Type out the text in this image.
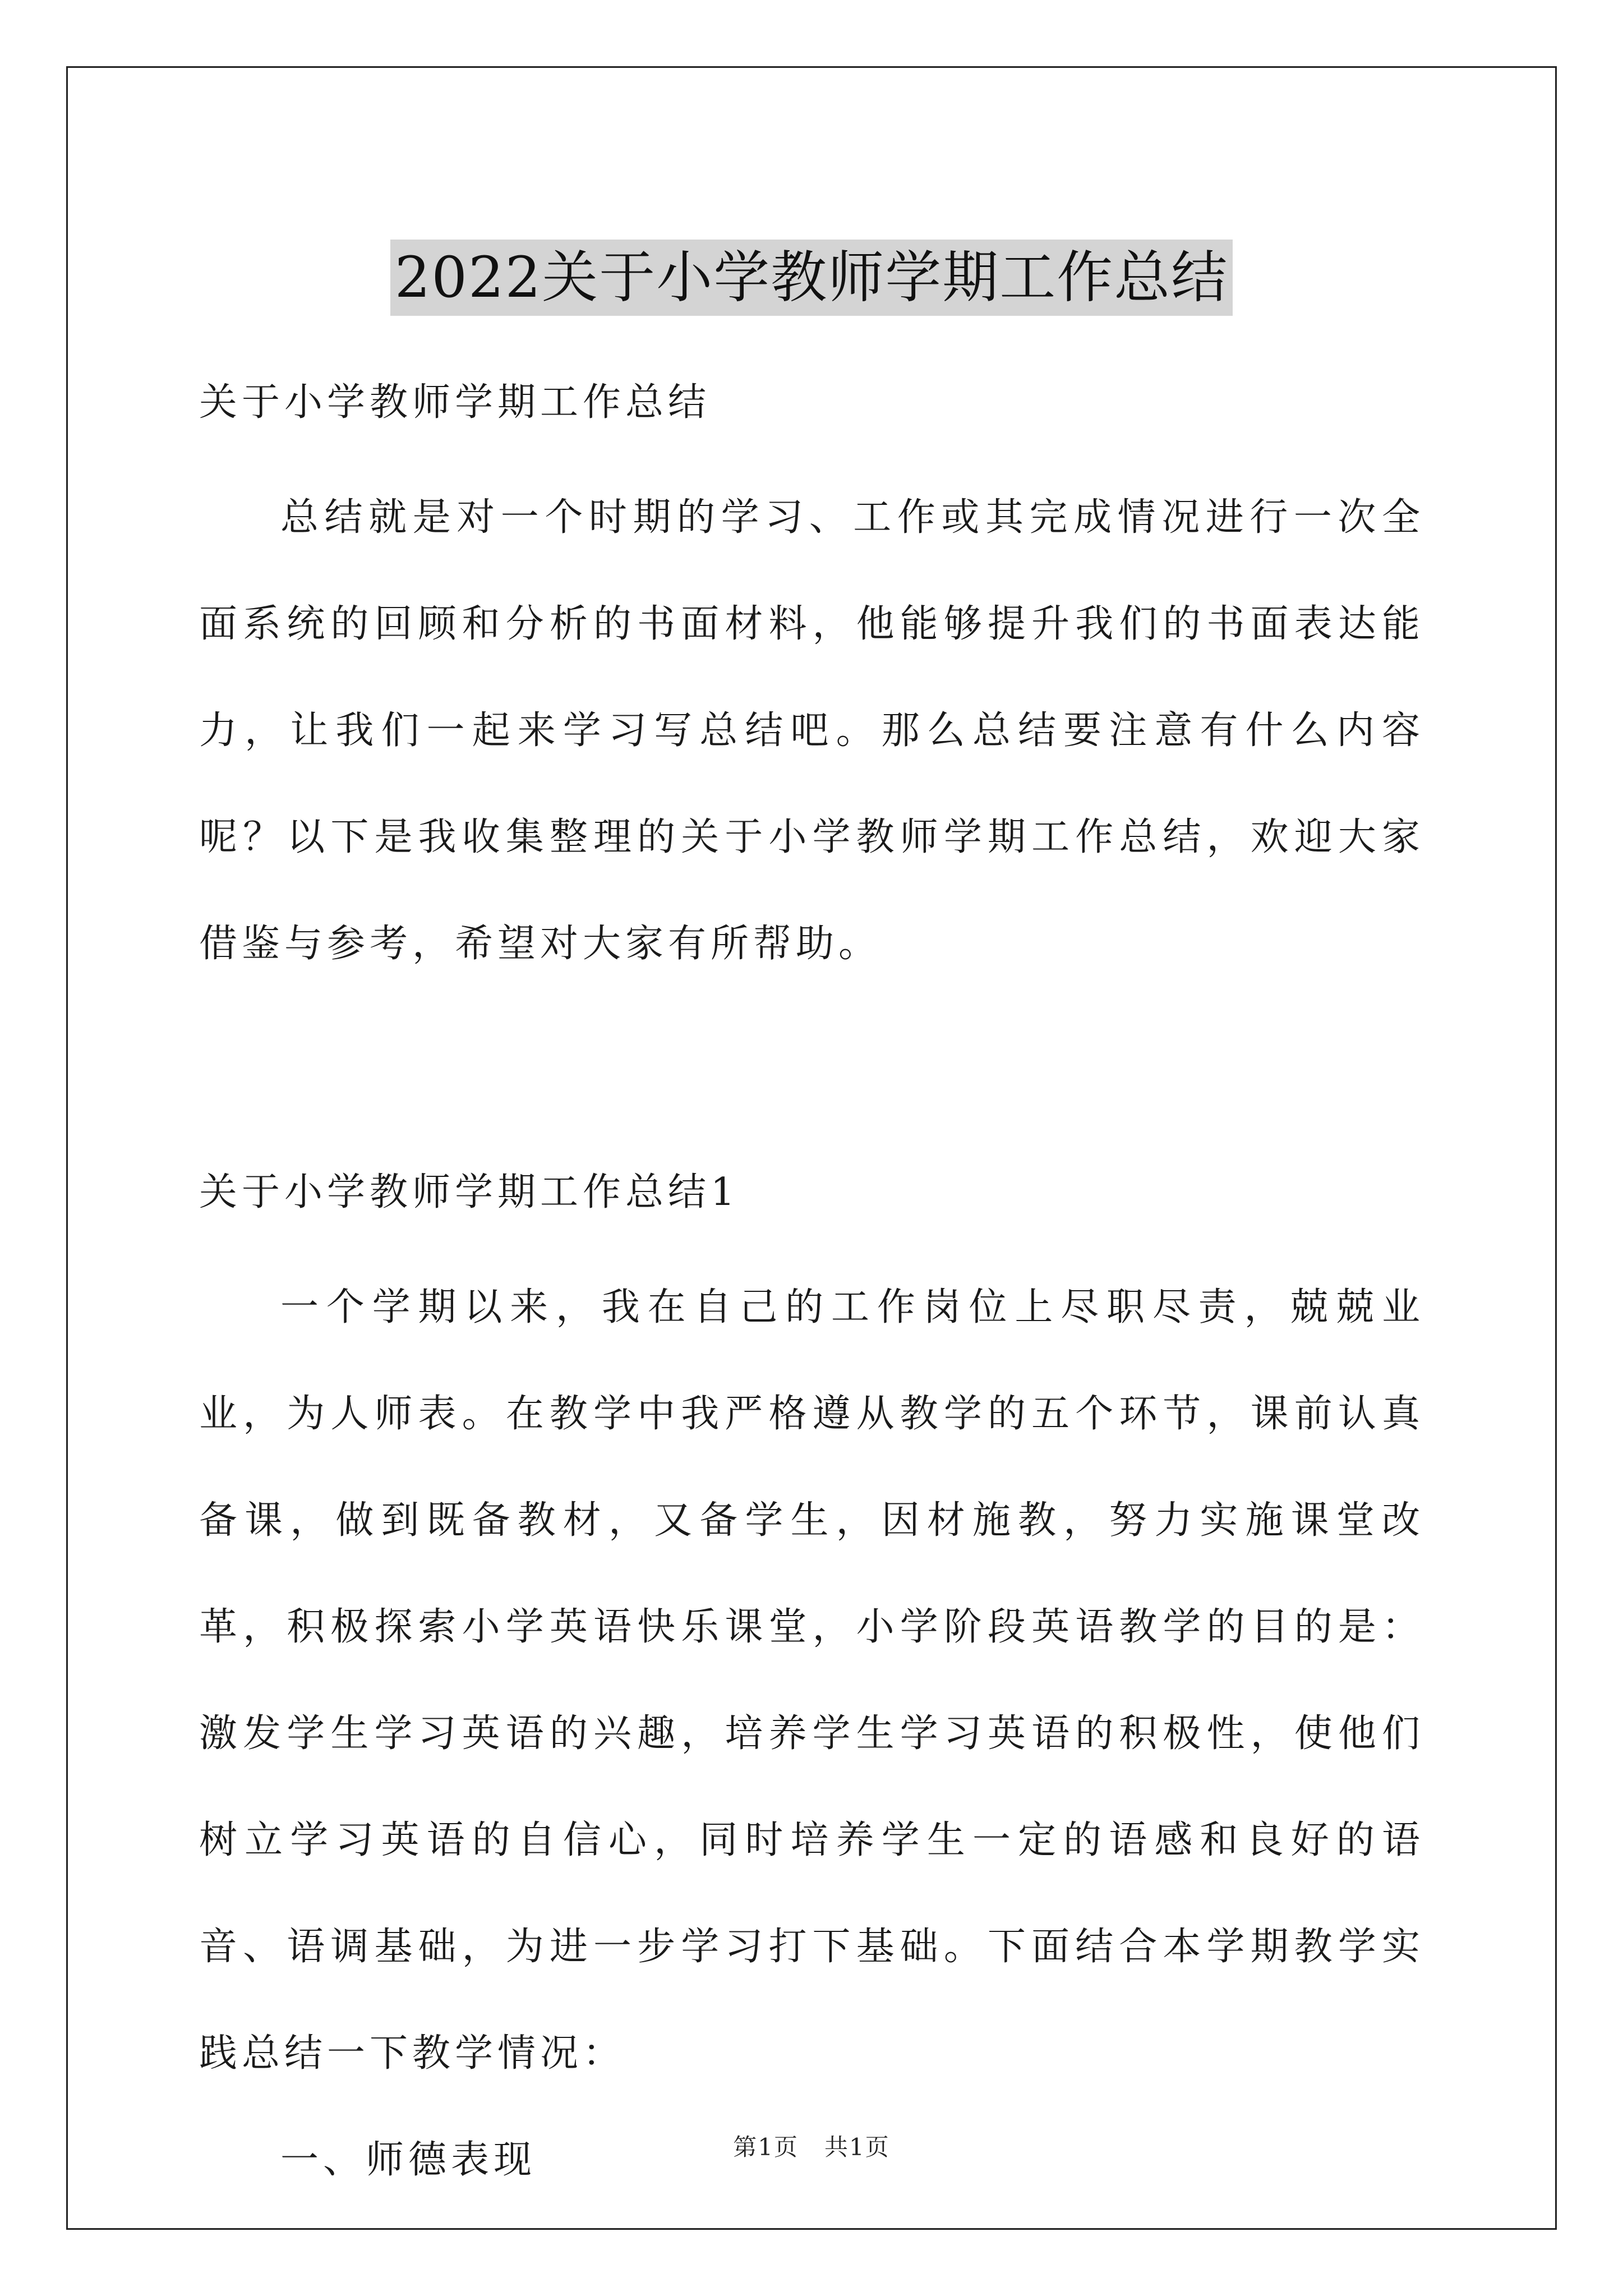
2022关于小学教师学期工作总结
关于小学教师学期工作总结

总结就是对一个时期的学习、工作或其完成情况进行一次全面系统的回顾和分析的书面材料，他能够提升我们的书面表达能力，让我们一起来学习写总结吧。那么总结要注意有什么内容呢？以下是我收集整理的关于小学教师学期工作总结，欢迎大家借鉴与参考，希望对大家有所帮助。

关于小学教师学期工作总结1

一个学期以来，我在自己的工作岗位上尽职尽责，兢兢业业，为人师表。在教学中我严格遵从教学的五个环节，课前认真备课，做到既备教材，又备学生，因材施教，努力实施课堂改革，积极探索小学英语快乐课堂，小学阶段英语教学的目的是：激发学生学习英语的兴趣，培养学生学习英语的积极性，使他们树立学习英语的自信心，同时培养学生一定的语感和良好的语音、语调基础，为进一步学习打下基础。下面结合本学期教学实践总结一下教学情况：

一、师德表现	第1页 共1页
